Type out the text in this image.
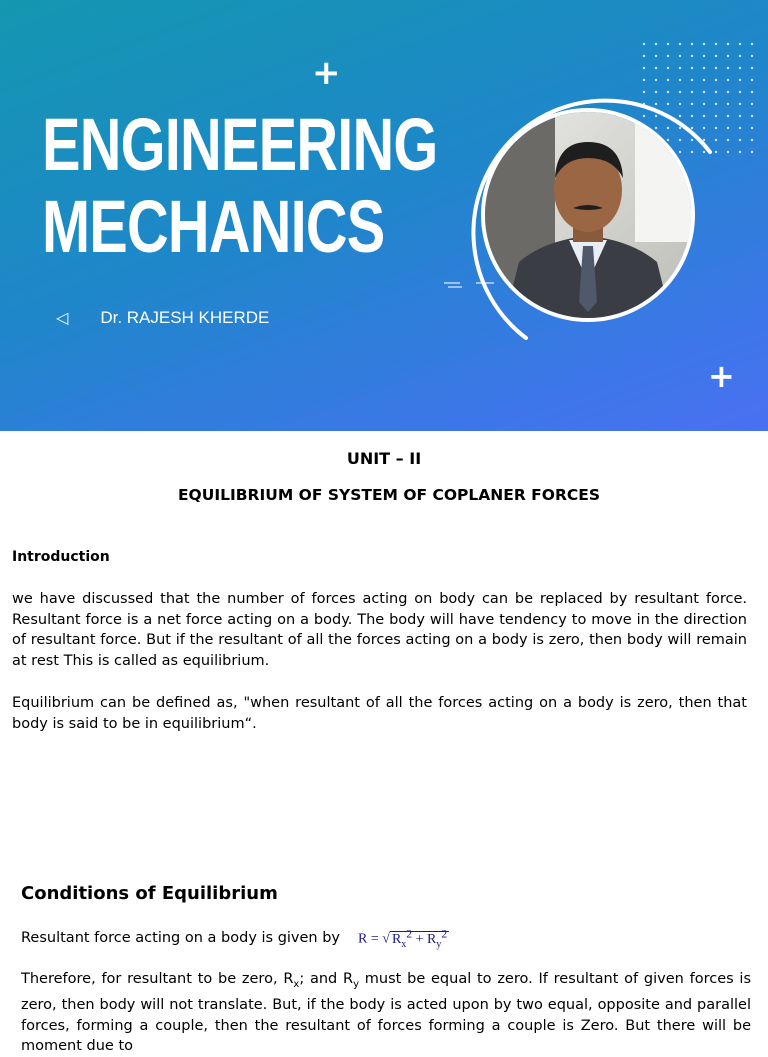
+
+
ENGINEERING
MECHANICS
◁ Dr. RAJESH KHERDE
UNIT – II
EQUILIBRIUM OF SYSTEM OF COPLANER FORCES
Introduction
we have discussed that the number of forces acting on body can be replaced by resultant force. Resultant force is a net force acting on a body. The body will have tendency to move in the direction of resultant force. But if the resultant of all the forces acting on a body is zero, then body will remain at rest This is called as equilibrium.
Equilibrium can be defined as, "when resultant of all the forces acting on a body is zero, then that body is said to be in equilibrium“.
Conditions of Equilibrium
Resultant force acting on a body is given by R = √ $R_x^2 + R_y^2$
Therefore, for resultant to be zero, $R_x$; and $R_y$ must be equal to zero. If resultant of given forces is zero, then body will not translate. But, if the body is acted upon by two equal, opposite and parallel forces, forming a couple, then the resultant of forces forming a couple is Zero. But there will be moment due to
